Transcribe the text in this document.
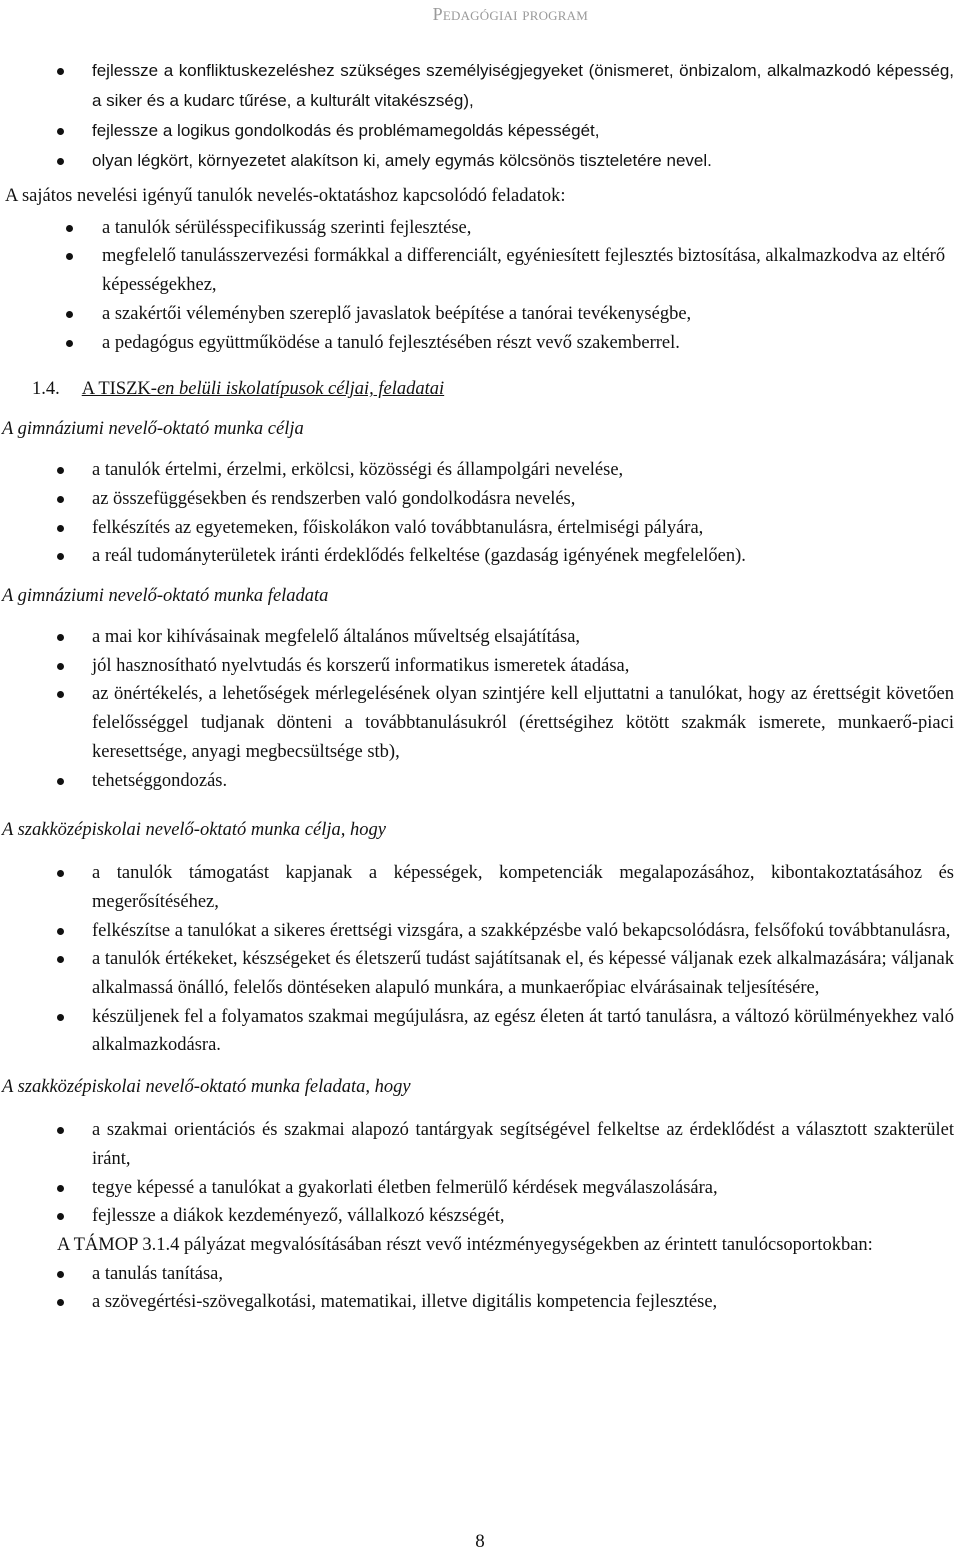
Pedagógiai program
fejlessze a konfliktuskezeléshez szükséges személyiségjegyeket (önismeret, önbizalom, alkalmazkodó képesség, a siker és a kudarc tűrése, a kulturált vitakészség),
fejlessze a logikus gondolkodás és problémamegoldás képességét,
olyan légkört, környezetet alakítson ki, amely egymás kölcsönös tiszteletére nevel.
A sajátos nevelési igényű tanulók nevelés-oktatáshoz kapcsolódó feladatok:
a tanulók sérülésspecifikusság szerinti fejlesztése,
megfelelő tanulásszervezési formákkal a differenciált, egyéniesített fejlesztés biztosítása, alkalmazkodva az eltérő képességekhez,
a szakértői véleményben szereplő javaslatok beépítése a tanórai tevékenységbe,
a pedagógus együttműködése a tanuló fejlesztésében részt vevő szakemberrel.
1.4. A TISZK-en belüli iskolatípusok céljai, feladatai
A gimnáziumi nevelő-oktató munka célja
a tanulók értelmi, érzelmi, erkölcsi, közösségi és állampolgári nevelése,
az összefüggésekben és rendszerben való gondolkodásra nevelés,
felkészítés az egyetemeken, főiskolákon való továbbtanulásra, értelmiségi pályára,
a reál tudományterületek iránti érdeklődés felkeltése (gazdaság igényének megfelelően).
A gimnáziumi nevelő-oktató munka feladata
a mai kor kihívásainak megfelelő általános műveltség elsajátítása,
jól hasznosítható nyelvtudás és korszerű informatikus ismeretek átadása,
az önértékelés, a lehetőségek mérlegelésének olyan szintjére kell eljuttatni a tanulókat, hogy az érettségit követően felelősséggel tudjanak dönteni a továbbtanulásukról (érettségihez kötött szakmák ismerete, munkaerő-piaci keresettsége, anyagi megbecsültsége stb),
tehetséggondozás.
A szakközépiskolai nevelő-oktató munka célja, hogy
a tanulók támogatást kapjanak a képességek, kompetenciák megalapozásához, kibontakoztatásához és megerősítéséhez,
felkészítse a tanulókat a sikeres érettségi vizsgára, a szakképzésbe való bekapcsolódásra, felsőfokú továbbtanulásra,
a tanulók értékeket, készségeket és életszerű tudást sajátítsanak el, és képessé váljanak ezek alkalmazására; váljanak alkalmassá önálló, felelős döntéseken alapuló munkára, a munkaerőpiac elvárásainak teljesítésére,
készüljenek fel a folyamatos szakmai megújulásra, az egész életen át tartó tanulásra, a változó körülményekhez való alkalmazkodásra.
A szakközépiskolai nevelő-oktató munka feladata, hogy
a szakmai orientációs és szakmai alapozó tantárgyak segítségével felkeltse az érdeklődést a választott szakterület iránt,
tegye képessé a tanulókat a gyakorlati életben felmerülő kérdések megválaszolására,
fejlessze a diákok kezdeményező, vállalkozó készségét,
A TÁMOP 3.1.4 pályázat megvalósításában részt vevő intézményegységekben az érintett tanulócsoportokban:
a tanulás tanítása,
a szövegértési-szövegalkotási, matematikai, illetve digitális kompetencia fejlesztése,
8
